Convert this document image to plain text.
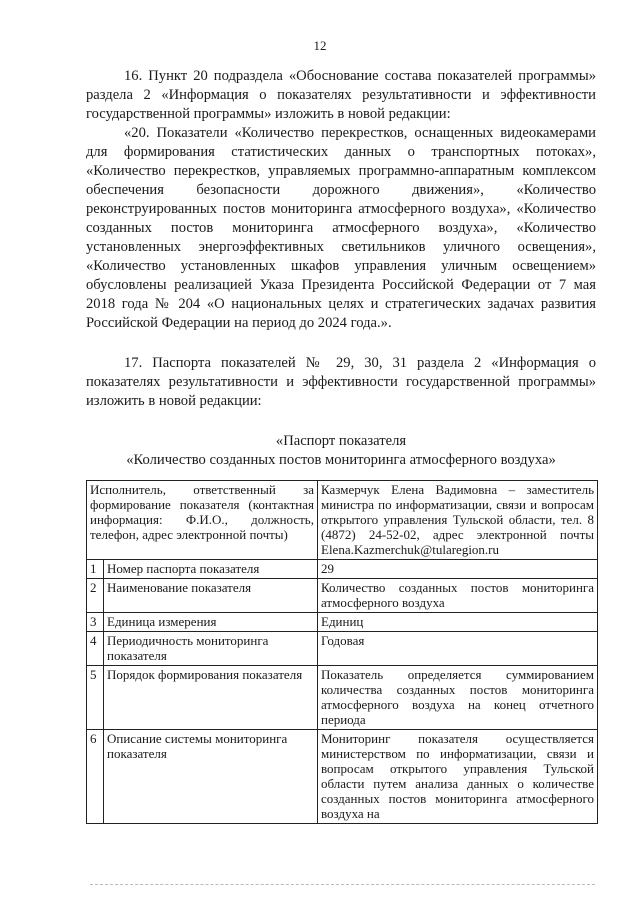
12

16. Пункт 20 подраздела «Обоснование состава показателей программы» раздела 2 «Информация о показателях результативности и эффективности государственной программы» изложить в новой редакции:

«20. Показатели «Количество перекрестков, оснащенных видеокамерами для формирования статистических данных о транспортных потоках», «Количество перекрестков, управляемых программно-аппаратным комплексом обеспечения безопасности дорожного движения», «Количество реконструированных постов мониторинга атмосферного воздуха», «Количество созданных постов мониторинга атмосферного воздуха», «Количество установленных энергоэффективных светильников уличного освещения», «Количество установленных шкафов управления уличным освещением» обусловлены реализацией Указа Президента Российской Федерации от 7 мая 2018 года № 204 «О национальных целях и стратегических задачах развития Российской Федерации на период до 2024 года.».

17. Паспорта показателей № 29, 30, 31 раздела 2 «Информация о показателях результативности и эффективности государственной программы» изложить в новой редакции:

«Паспорт показателя
«Количество созданных постов мониторинга атмосферного воздуха»
Исполнитель, ответственный за формирование показателя (контактная информация: Ф.И.О., должность, телефон, адрес электронной почты)		Казмерчук Елена Вадимовна – заместитель министра по информатизации, связи и вопросам открытого управления Тульской области, тел. 8 (4872) 24-52-02, адрес электронной почты Elena.Kazmerchuk@tularegion.ru
1	Номер паспорта показателя	29
2	Наименование показателя	Количество созданных постов мониторинга атмосферного воздуха
3	Единица измерения	Единиц
4	Периодичность мониторинга показателя	Годовая
5	Порядок формирования показателя	Показатель определяется суммированием количества созданных постов мониторинга атмосферного воздуха на конец отчетного периода
6	Описание системы мониторинга показателя	Мониторинг показателя осуществляется министерством по информатизации, связи и вопросам открытого управления Тульской области путем анализа данных о количестве созданных постов мониторинга атмосферного воздуха на
